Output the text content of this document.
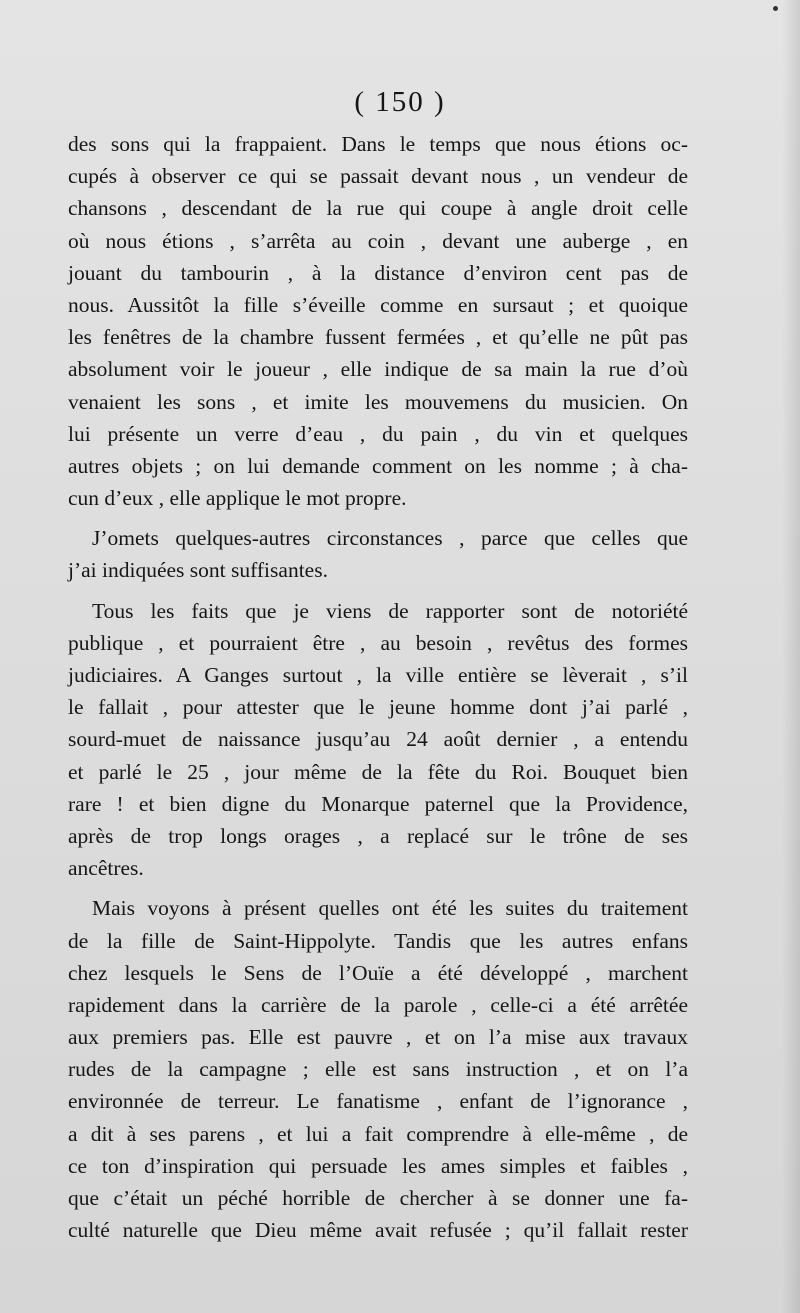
( 150 )
des sons qui la frappaient. Dans le temps que nous étions oc-
cupés à observer ce qui se passait devant nous , un vendeur de
chansons , descendant de la rue qui coupe à angle droit celle
où nous étions , s’arrêta au coin , devant une auberge , en
jouant du tambourin , à la distance d’environ cent pas de
nous. Aussitôt la fille s’éveille comme en sursaut ; et quoique
les fenêtres de la chambre fussent fermées , et qu’elle ne pût pas
absolument voir le joueur , elle indique de sa main la rue d’où
venaient les sons , et imite les mouvemens du musicien. On
lui présente un verre d’eau , du pain , du vin et quelques
autres objets ; on lui demande comment on les nomme ; à cha-
cun d’eux , elle applique le mot propre.
J’omets quelques-autres circonstances , parce que celles que
j’ai indiquées sont suffisantes.
Tous les faits que je viens de rapporter sont de notoriété
publique , et pourraient être , au besoin , revêtus des formes
judiciaires. A Ganges surtout , la ville entière se lèverait , s’il
le fallait , pour attester que le jeune homme dont j’ai parlé ,
sourd-muet de naissance jusqu’au 24 août dernier , a entendu
et parlé le 25 , jour même de la fête du Roi. Bouquet bien
rare ! et bien digne du Monarque paternel que la Providence,
après de trop longs orages , a replacé sur le trône de ses
ancêtres.
Mais voyons à présent quelles ont été les suites du traitement
de la fille de Saint-Hippolyte. Tandis que les autres enfans
chez lesquels le Sens de l’Ouïe a été développé , marchent
rapidement dans la carrière de la parole , celle-ci a été arrêtée
aux premiers pas. Elle est pauvre , et on l’a mise aux travaux
rudes de la campagne ; elle est sans instruction , et on l’a
environnée de terreur. Le fanatisme , enfant de l’ignorance ,
a dit à ses parens , et lui a fait comprendre à elle-même , de
ce ton d’inspiration qui persuade les ames simples et faibles ,
que c’était un péché horrible de chercher à se donner une fa-
culté naturelle que Dieu même avait refusée ; qu’il fallait rester
